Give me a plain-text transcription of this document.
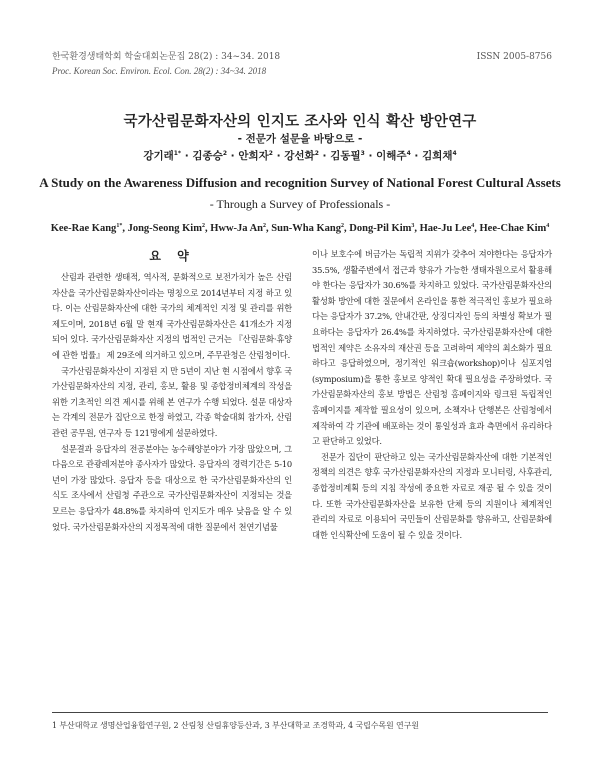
한국환경생태학회 학술대회논문집 28(2) : 34~34. 2018
Proc. Korean Soc. Environ. Ecol. Con. 28(2) : 34~34. 2018
ISSN 2005-8756
국가산림문화자산의 인지도 조사와 인식 확산 방안연구
- 전문가 설문을 바탕으로 -
강기래$^{1*}$ · 김종승$^2$ · 안희자$^2$ · 강선화$^2$ · 김동필$^3$ · 이해주$^4$ · 김희채$^4$
A Study on the Awareness Diffusion and recognition Survey of National Forest Cultural Assets
- Through a Survey of Professionals -
Kee-Rae Kang$^{1*}$, Jong-Seong Kim$^2$, Hww-Ja An$^2$, Sun-Wha Kang$^2$, Dong-Pil Kim$^3$, Hae-Ju Lee$^4$, Hee-Chae Kim$^4$
요 약

산림과 관련한 생태적, 역사적, 문화적으로 보전가치가 높은 산림자산을 국가산림문화자산이라는 명칭으로 2014년부터 지정 하고 있다. 이는 산림문화자산에 대한 국가의 체계적인 지정 및 관리를 위한 제도이며, 2018년 6월 말 현재 국가산림문화자산은 41개소가 지정되어 있다. 국가산림문화자산 지정의 법적인 근거는 『산림문화·휴양에 관한 법률』 제 29조에 의거하고 있으며, 주무관청은 산림청이다.

국가산림문화자산이 지정된 지 만 5년이 지난 현 시점에서 향후 국가산림문화자산의 지정, 관리, 홍보, 활용 및 종합정비체계의 작성을 위한 기초적인 의견 제시를 위해 본 연구가 수행 되었다. 설문 대상자는 각계의 전문가 집단으로 한정 하였고, 각종 학술대회 참가자, 산림관련 공무원, 연구자 등 121명에게 설문하였다.

설문결과 응답자의 전공분야는 농수해양분야가 가장 많았으며, 그 다음으로 관광레저분야 종사자가 많았다. 응답자의 경력기간은 5-10년이 가장 많았다. 응답자 등을 대상으로 한 국가산림문화자산의 인식도 조사에서 산림청 주관으로 국가산림문화자산이 지정되는 것을 모르는 응답자가 48.8%를 차지하여 인지도가 매우 낮음을 알 수 있었다. 국가산림문화자산의 지정목적에 대한 질문에서 천연기념물

이나 보호수에 버금가는 독립적 지위가 갖추어 져야한다는 응답자가 35.5%, 생활주변에서 접근과 향유가 가능한 생태자원으로서 활용해야 한다는 응답자가 30.6%를 차지하고 있었다. 국가산림문화자산의 활성화 방안에 대한 질문에서 온라인을 통한 적극적인 홍보가 필요하다는 응답자가 37.2%, 안내간판, 상징디자인 등의 차별성 확보가 필요하다는 응답자가 26.4%를 차지하였다. 국가산림문화자산에 대한 법적인 제약은 소유자의 재산권 등을 고려하여 제약의 최소화가 필요하다고 응답하였으며, 정기적인 워크숍(workshop)이나 심포지엄(symposium)을 통한 홍보로 양적인 확대 필요성을 주장하였다. 국가산림문화자산의 홍보 방법은 산림청 홈페이지와 링크된 독립적인 홈페이지를 제작할 필요성이 있으며, 소책자나 단행본은 산림청에서 제작하여 각 기관에 배포하는 것이 통일성과 효과 측면에서 유리하다고 판단하고 있었다.

전문가 집단이 판단하고 있는 국가산림문화자산에 대한 기본적인 정책의 의견은 향후 국가산림문화자산의 지정과 모니터링, 사후관리, 종합정비계획 등의 지침 작성에 중요한 자료로 재공 될 수 있을 것이다. 또한 국가산림문화자산을 보유한 단체 등의 지원이나 체계적인 관리의 자료로 이용되어 국민들이 산림문화를 향유하고, 산림문화에 대한 인식확산에 도움이 될 수 있을 것이다.

1 부산대학교 생명산업융합연구원, 2 산림청 산림휴양등산과, 3 부산대학교 조경학과, 4 국립수목원 연구원
